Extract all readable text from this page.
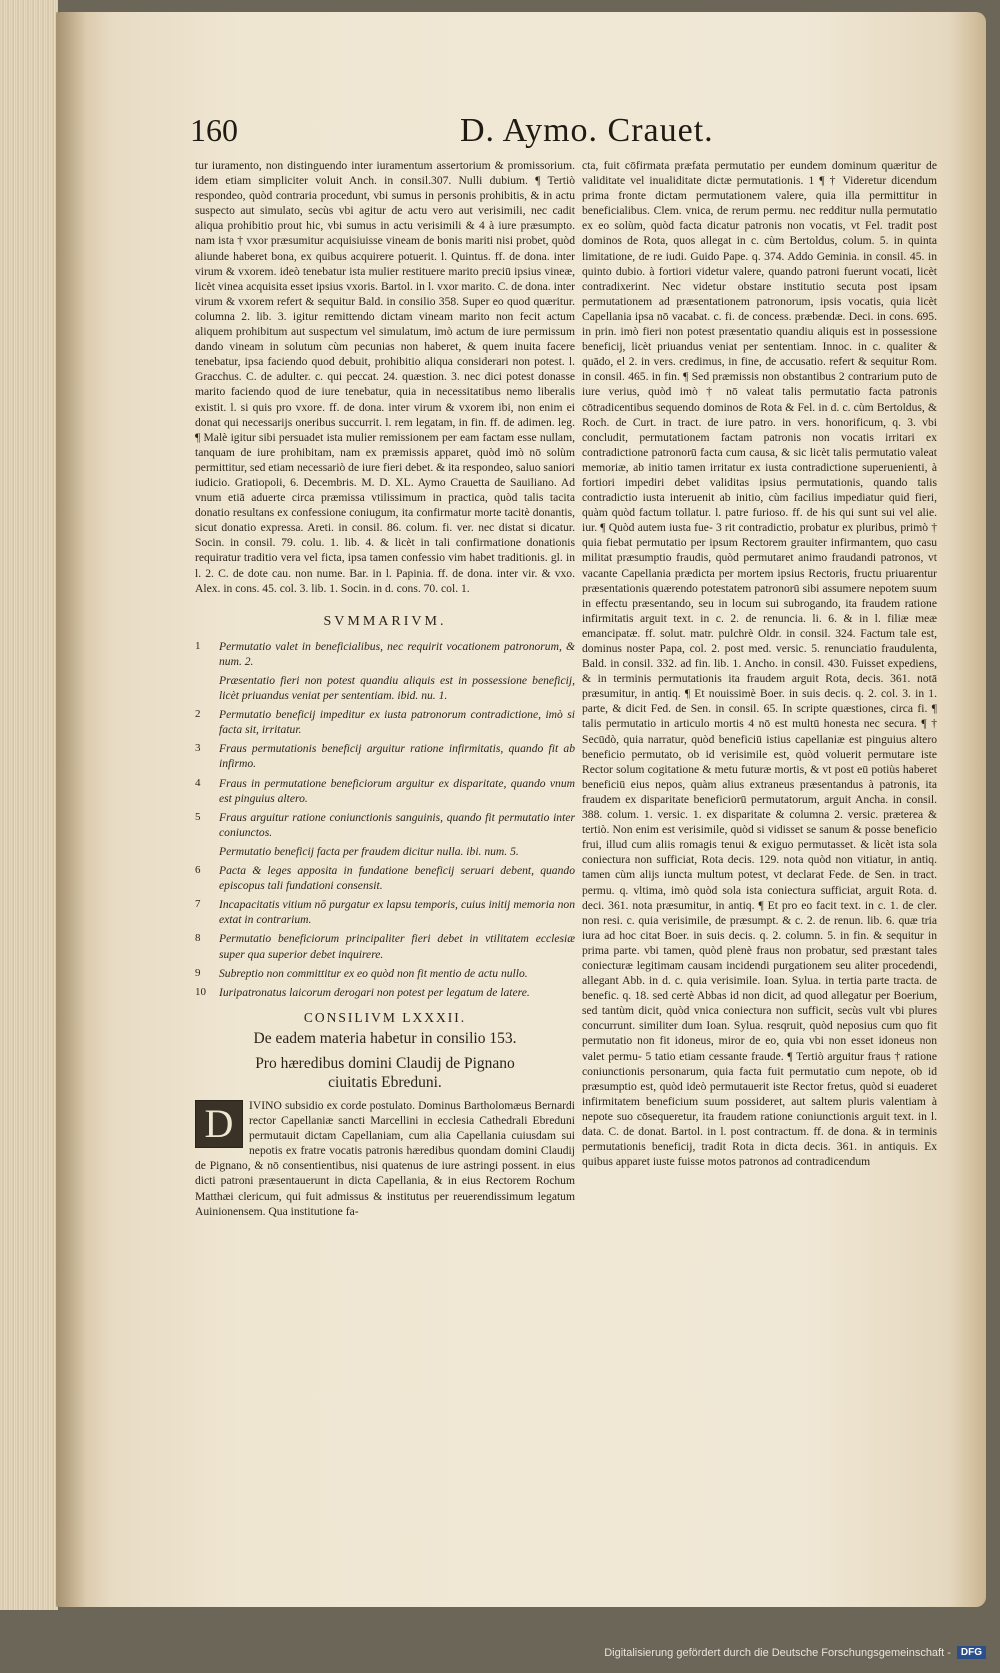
160	D. Aymo. Crauet.

tur iuramento, non distinguendo inter iuramentum assertorium & promissorium. idem etiam simpliciter voluit Anch. in consil.307. Nulli dubium. ¶ Tertiò respondeo, quòd contraria procedunt, vbi sumus in personis prohibitis, & in actu suspecto aut simulato, secùs vbi agitur de actu vero aut verisimili, nec cadit aliqua prohibitio prout hic, vbi sumus in actu verisimili & 4 à iure præsumpto. nam ista † vxor præsumitur acquisiuisse vineam de bonis mariti nisi probet, quòd aliunde haberet bona, ex quibus acquirere potuerit. l. Quintus. ff. de dona. inter virum & vxorem. ideò tenebatur ista mulier restituere marito preciū ipsius vineæ, licèt vinea acquisita esset ipsius vxoris. Bartol. in l. vxor marito. C. de dona. inter virum & vxorem refert & sequitur Bald. in consilio 358. Super eo quod quæritur. columna 2. lib. 3. igitur remittendo dictam vineam marito non fecit actum aliquem prohibitum aut suspectum vel simulatum, imò actum de iure permissum dando vineam in solutum cùm pecunias non haberet, & quem inuita facere tenebatur, ipsa faciendo quod debuit, prohibitio aliqua considerari non potest. l. Gracchus. C. de adulter. c. qui peccat. 24. quæstion. 3. nec dici potest donasse marito faciendo quod de iure tenebatur, quia in necessitatibus nemo liberalis existit. l. si quis pro vxore. ff. de dona. inter virum & vxorem ibi, non enim ei donat qui necessarijs oneribus succurrit. l. rem legatam, in fin. ff. de adimen. leg. ¶ Malè igitur sibi persuadet ista mulier remissionem per eam factam esse nullam, tanquam de iure prohibitam, nam ex præmissis apparet, quòd imò nō solùm permittitur, sed etiam necessariò de iure fieri debet. & ita respondeo, saluo saniori iudicio. Gratiopoli, 6. Decembris. M. D. XL. Aymo Crauetta de Sauiliano. Ad vnum etiā aduerte circa præmissa vtilissimum in practica, quòd talis tacita donatio resultans ex confessione coniugum, ita confirmatur morte tacitè donantis, sicut donatio expressa. Areti. in consil. 86. colum. fi. ver. nec distat si dicatur. Socin. in consil. 79. colu. 1. lib. 4. & licèt in tali confirmatione donationis requiratur traditio vera vel ficta, ipsa tamen confessio vim habet traditionis. gl. in l. 2. C. de dote cau. non nume. Bar. in l. Papinia. ff. de dona. inter vir. & vxo. Alex. in cons. 45. col. 3. lib. 1. Socin. in d. cons. 70. col. 1.

SVMMARIVM.
1 Permutatio valet in beneficialibus, nec requirit vocationem patronorum, & num. 2.
Præsentatio fieri non potest quandiu aliquis est in possessione beneficij, licèt priuandus veniat per sententiam. ibid. nu. 1.
2 Permutatio beneficij impeditur ex iusta patronorum contradictione, imò si facta sit, irritatur.
3 Fraus permutationis beneficij arguitur ratione infirmitatis, quando fit ab infirmo.
4 Fraus in permutatione beneficiorum arguitur ex disparitate, quando vnum est pinguius altero.
5 Fraus arguitur ratione coniunctionis sanguinis, quando fit permutatio inter coniunctos.
Permutatio beneficij facta per fraudem dicitur nulla. ibi. num. 5.
6 Pacta & leges apposita in fundatione beneficij seruari debent, quando episcopus tali fundationi consensit.
7 Incapacitatis vitium nō purgatur ex lapsu temporis, cuius initij memoria non extat in contrarium.
8 Permutatio beneficiorum principaliter fieri debet in vtilitatem ecclesiæ super qua superior debet inquirere.
9 Subreptio non committitur ex eo quòd non fit mentio de actu nullo.
10 Iuripatronatus laicorum derogari non potest per legatum de latere.
CONSILIVM LXXXII.
De eadem materia habetur in consilio 153.
Pro hæredibus domini Claudij de Pignano
ciuitatis Ebreduni.

D	IVINO subsidio ex corde postulato. Dominus Bartholomæus Bernardi rector Capellaniæ sancti Marcellini in ecclesia Cathedrali Ebreduni permutauit dictam Capellaniam, cum alia Capellania cuiusdam sui nepotis ex fratre vocatis patronis hæredibus quondam domini Claudij de Pignano, & nō consentientibus, nisi quatenus de iure astringi possent. in eius dicti patroni præsentauerunt in dicta Capellania, & in eius Rectorem Rochum Matthæi clericum, qui fuit admissus & institutus per reuerendissimum legatum Auinionensem. Qua institutione fa-

cta, fuit cōfirmata præfata permutatio per eundem dominum quæritur de validitate vel inualiditate dictæ permutationis. 1 ¶ † Videretur dicendum prima fronte dictam permutationem valere, quia illa permittitur in beneficialibus. Clem. vnica, de rerum permu. nec redditur nulla permutatio ex eo solùm, quòd facta dicatur patronis non vocatis, vt Fel. tradit post dominos de Rota, quos allegat in c. cùm Bertoldus, colum. 5. in quinta limitatione, de re iudi. Guido Pape. q. 374. Addo Geminia. in consil. 45. in quinto dubio. à fortiori videtur valere, quando patroni fuerunt vocati, licèt contradixerint. Nec videtur obstare institutio secuta post ipsam permutationem ad præsentationem patronorum, ipsis vocatis, quia licèt Capellania ipsa nō vacabat. c. fi. de concess. præbendæ. Deci. in cons. 695. in prin. imò fieri non potest præsentatio quandiu aliquis est in possessione beneficij, licèt priuandus veniat per sententiam. Innoc. in c. qualiter & quādo, el 2. in vers. credimus, in fine, de accusatio. refert & sequitur Rom. in consil. 465. in fin. ¶ Sed præmissis non obstantibus 2 contrarium puto de iure verius, quòd imò † nō valeat talis permutatio facta patronis cōtradicentibus sequendo dominos de Rota & Fel. in d. c. cùm Bertoldus, & Roch. de Curt. in tract. de iure patro. in vers. honorificum, q. 3. vbi concludit, permutationem factam patronis non vocatis irritari ex contradictione patronorū facta cum causa, & sic licèt talis permutatio valeat memoriæ, ab initio tamen irritatur ex iusta contradictione superuenienti, à fortiori impediri debet validitas ipsius permutationis, quando talis contradictio iusta interuenit ab initio, cùm facilius impediatur quid fieri, quàm quòd factum tollatur. l. patre furioso. ff. de his qui sunt sui vel alie. iur. ¶ Quòd autem iusta fue- 3 rit contradictio, probatur ex pluribus, primò † quia fiebat permutatio per ipsum Rectorem grauiter infirmantem, quo casu militat præsumptio fraudis, quòd permutaret animo fraudandi patronos, vt vacante Capellania prædicta per mortem ipsius Rectoris, fructu priuarentur præsentationis quærendo potestatem patronorū sibi assumere nepotem suum in effectu præsentando, seu in locum sui subrogando, ita fraudem ratione infirmitatis arguit text. in c. 2. de renuncia. li. 6. & in l. filiæ meæ emancipatæ. ff. solut. matr. pulchrè Oldr. in consil. 324. Factum tale est, dominus noster Papa, col. 2. post med. versic. 5. renunciatio fraudulenta, Bald. in consil. 332. ad fin. lib. 1. Ancho. in consil. 430. Fuisset expediens, & in terminis permutationis ita fraudem arguit Rota, decis. 361. notā præsumitur, in antiq. ¶ Et nouissimè Boer. in suis decis. q. 2. col. 3. in 1. parte, & dicit Fed. de Sen. in consil. 65. In scripte quæstiones, circa fi. ¶ talis permutatio in articulo mortis 4 nō est multū honesta nec secura. ¶ † Secūdò, quia narratur, quòd beneficiū istius capellaniæ est pinguius altero beneficio permutato, ob id verisimile est, quòd voluerit permutare iste Rector solum cogitatione & metu futuræ mortis, & vt post eū potiùs haberet beneficiū eius nepos, quàm alius extraneus præsentandus à patronis, ita fraudem ex disparitate beneficiorū permutatorum, arguit Ancha. in consil. 388. colum. 1. versic. 1. ex disparitate & columna 2. versic. præterea & tertiò. Non enim est verisimile, quòd si vidisset se sanum & posse beneficio frui, illud cum aliis romagis tenui & exiguo permutasset. & licèt ista sola coniectura non sufficiat, Rota decis. 129. nota quòd non vitiatur, in antiq. tamen cùm alijs iuncta multum potest, vt declarat Fede. de Sen. in tract. permu. q. vltima, imò quòd sola ista coniectura sufficiat, arguit Rota. d. deci. 361. nota præsumitur, in antiq. ¶ Et pro eo facit text. in c. 1. de cler. non resi. c. quia verisimile, de præsumpt. & c. 2. de renun. lib. 6. quæ tria iura ad hoc citat Boer. in suis decis. q. 2. column. 5. in fin. & sequitur in prima parte. vbi tamen, quòd plenè fraus non probatur, sed præstant tales coniecturæ legitimam causam incidendi purgationem seu aliter procedendi, allegant Abb. in d. c. quia verisimile. Ioan. Sylua. in tertia parte tracta. de benefic. q. 18. sed certè Abbas id non dicit, ad quod allegatur per Boerium, sed tantùm dicit, quòd vnica coniectura non sufficit, secùs vult vbi plures concurrunt. similiter dum Ioan. Sylua. resqruit, quòd neposius cum quo fit permutatio non fit idoneus, miror de eo, quia vbi non esset idoneus non valet permu- 5 tatio etiam cessante fraude. ¶ Tertiò arguitur fraus † ratione coniunctionis personarum, quia facta fuit permutatio cum nepote, ob id præsumptio est, quòd ideò permutauerit iste Rector fretus, quòd si euaderet infirmitatem beneficium suum possideret, aut saltem pluris valentiam à nepote suo cōsequeretur, ita fraudem ratione coniunctionis arguit text. in l. data. C. de donat. Bartol. in l. post contractum. ff. de dona. & in terminis permutationis beneficij, tradit Rota in dicta decis. 361. in antiquis. Ex quibus apparet iuste fuisse motos patronos ad contradicendum

Digitalisierung gefördert durch die Deutsche Forschungsgemeinschaft -	DFG
